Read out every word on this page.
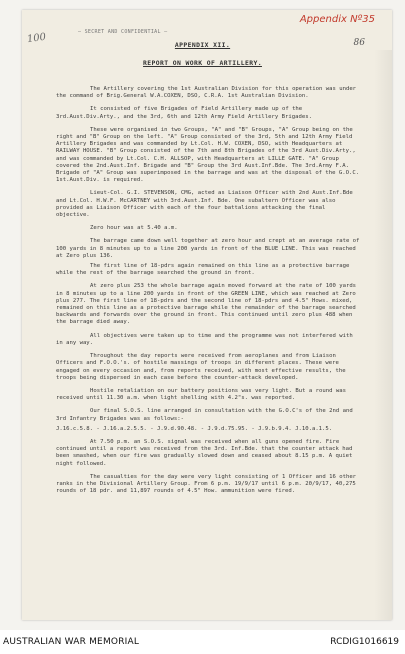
— SECRET AND CONFIDENTIAL —
Appendix Nº35
100	86
APPENDIX XII.
REPORT ON WORK OF ARTILLERY.

The Artillery covering the 1st Australian Division for this operation was under the command of Brig.General W.A.COXEN, DSO, C.R.A. 1st Australian Division.

It consisted of five Brigades of Field Artillery made up of the 3rd.Aust.Div.Arty., and the 3rd, 6th and 12th Army Field Artillery Brigades.

These were organised in two Groups, "A" and "B" Groups, "A" Group being on the right and "B" Group on the left. "A" Group consisted of the 3rd, 5th and 12th Army Field Artillery Brigades and was commanded by Lt.Col. H.W. COXEN, DSO, with Headquarters at RAILWAY HOUSE. "B" Group consisted of the 7th and 8th Brigades of the 3rd Aust.Div.Arty., and was commanded by Lt.Col. C.H. ALLSOP, with Headquarters at LILLE GATE. "A" Group covered the 2nd.Aust.Inf. Brigade and "B" Group the 3rd Aust.Inf.Bde. The 3rd.Army F.A. Brigade of "A" Group was superimposed in the barrage and was at the disposal of the G.O.C. 1st.Aust.Div. is required.

Lieut-Col. G.I. STEVENSON, CMG, acted as Liaison Officer with 2nd Aust.Inf.Bde and Lt.Col. H.W.F. McCARTNEY with 3rd.Aust.Inf. Bde. One subaltern Officer was also provided as Liaison Officer with each of the four battalions attacking the final objective.

Zero hour was at 5.40 a.m.

The barrage came down well together at zero hour and crept at an average rate of 100 yards in 8 minutes up to a line 200 yards in front of the BLUE LINE. This was reached at Zero plus 136.

The first line of 18-pdrs again remained on this line as a protective barrage while the rest of the barrage searched the ground in front.

At zero plus 253 the whole barrage again moved forward at the rate of 100 yards in 8 minutes up to a line 200 yards in front of the GREEN LINE, which was reached at Zero plus 277. The first line of 18-pdrs and the second line of 18-pdrs and 4.5" Hows. mixed, remained on this line as a protective barrage while the remainder of the barrage searched backwards and forwards over the ground in front. This continued until zero plus 488 when the barrage died away.

All objectives were taken up to time and the programme was not interfered with in any way.

Throughout the day reports were received from aeroplanes and from Liaison Officers and F.O.O.'s. of hostile massings of troops in different places. These were engaged on every occasion and, from reports received, with most effective results, the troops being dispersed in each case before the counter-attack developed.

Hostile retaliation on our battery positions was very light. But a round was received until 11.30 a.m. when light shelling with 4.2"s. was reported.

Our final S.O.S. line arranged in consultation with the G.O.C's of the 2nd and 3rd Infantry Brigades was as follows:-

J.16.c.5.8. - J.16.a.2.5.5. - J.9.d.90.48. - J.9.d.75.95. - J.9.b.9.4. J.10.a.1.5.

At 7.50 p.m. an S.O.S. signal was received when all guns opened fire. Fire continued until a report was received from the 3rd. Inf.Bde. that the counter attack had been smashed, when our fire was gradually slowed down and ceased about 8.15 p.m. A quiet night followed.

The casualties for the day were very light consisting of 1 Officer and 16 other ranks in the Divisional Artillery Group. From 6 p.m. 19/9/17 until 6 p.m. 20/9/17, 40,275 rounds of 18 pdr. and 11,897 rounds of 4.5" How. ammunition were fired.

AUSTRALIAN WAR MEMORIAL	RCDIG1016619
